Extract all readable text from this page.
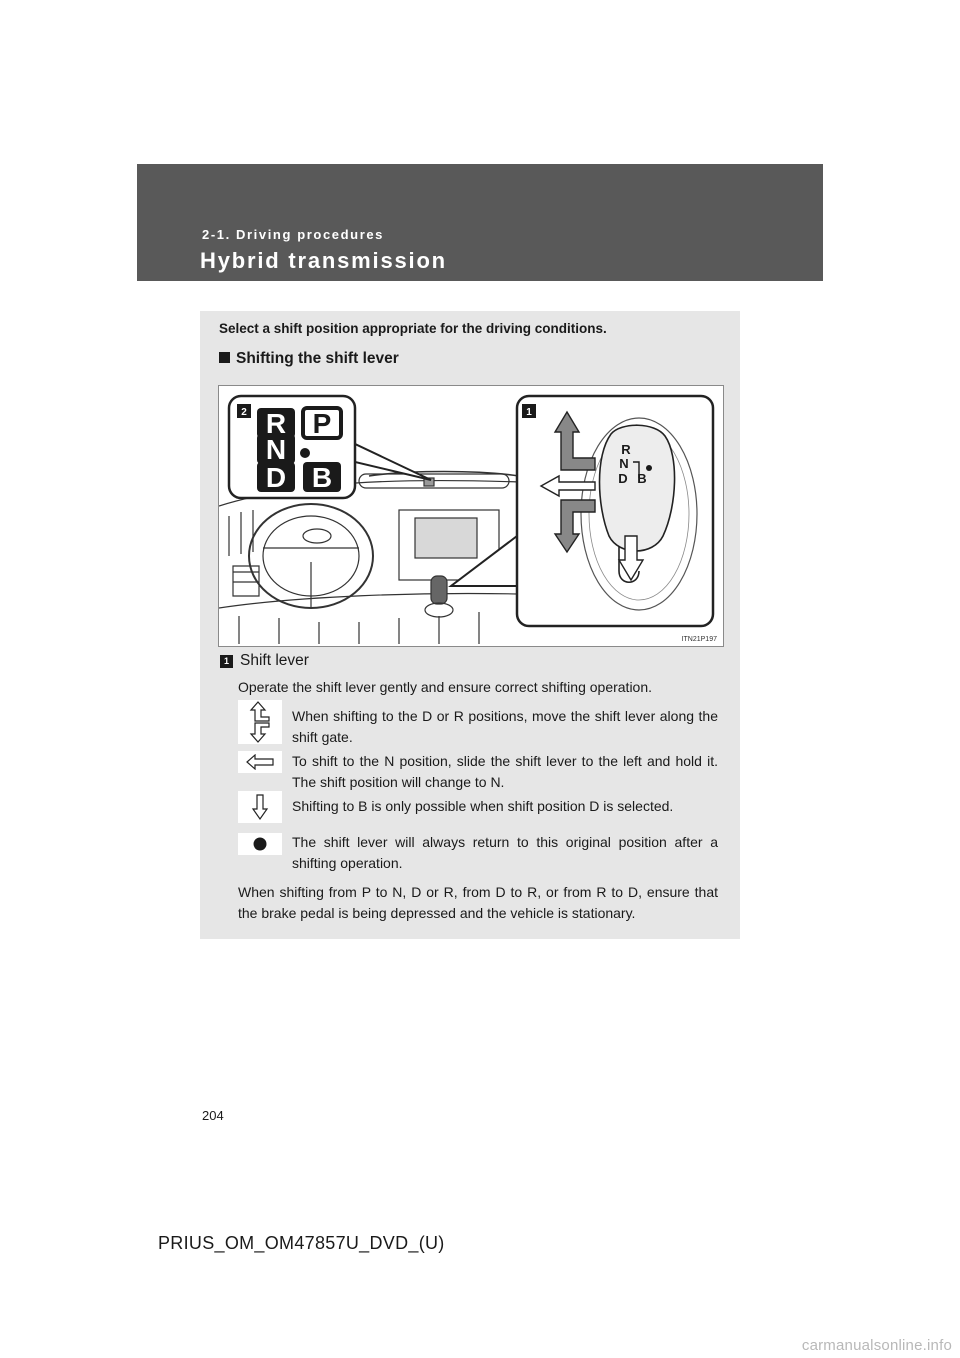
2-1. Driving procedures
Hybrid transmission
Select a shift position appropriate for the driving conditions.
Shifting the shift lever
R P
N
D B
2
R
N
D B
1
ITN21P197
1 Shift lever
Operate the shift lever gently and ensure correct shifting operation.
When shifting to the D or R positions, move the shift lever along the shift gate.
To shift to the N position, slide the shift lever to the left and hold it. The shift position will change to N.
Shifting to B is only possible when shift position D is selected.
The shift lever will always return to this original position after a shifting operation.
When shifting from P to N, D or R, from D to R, or from R to D, ensure that the brake pedal is being depressed and the vehicle is stationary.
204
PRIUS_OM_OM47857U_DVD_(U)
carmanualsonline.info
